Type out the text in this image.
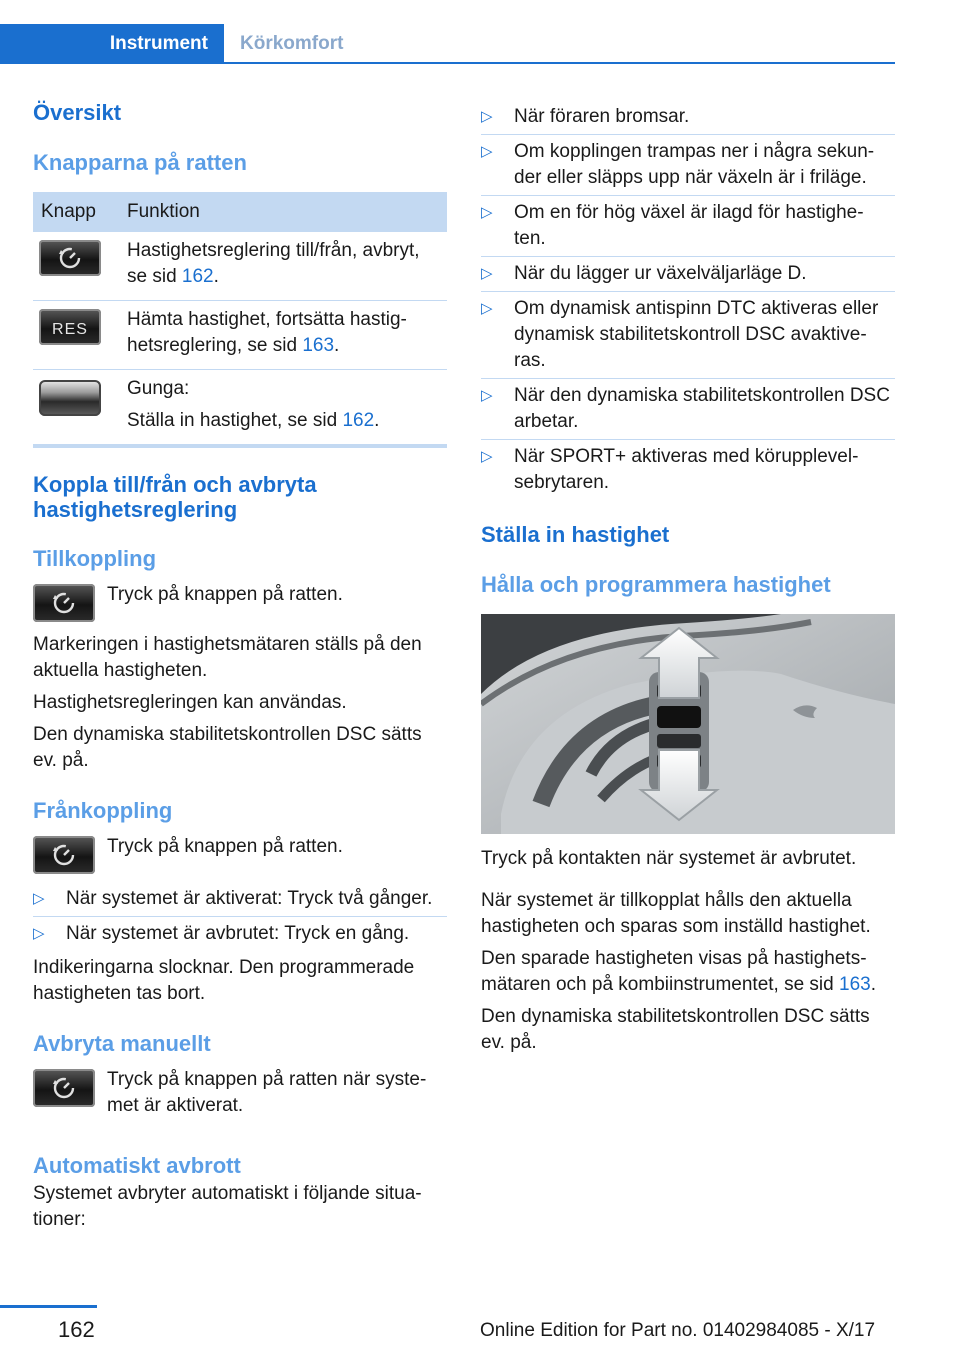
Instrument Körkomfort
Översikt
Knapparna på ratten
Knapp	Funktion

	Hastighetsreglering till/från, avbryt, se sid 162.

RES	Hämta hastighet, fortsätta hastig-hetsreglering, se sid 163.

	Gunga:
Ställa in hastighet, se sid 162.
Koppla till/från och avbryta hastighetsreglering
Tillkoppling

Tryck på knappen på ratten.

Markeringen i hastighetsmätaren ställs på den aktuella hastigheten.

Hastighetsregleringen kan användas.

Den dynamiska stabilitetskontrollen DSC sätts ev. på.

Frånkoppling

Tryck på knappen på ratten.

▷ När systemet är aktiverat: Tryck två gånger.
▷ När systemet är avbrutet: Tryck en gång.

Indikeringarna slocknar. Den programmerade hastigheten tas bort.

Avbryta manuellt

Tryck på knappen på ratten när syste-met är aktiverat.

Automatiskt avbrott

Systemet avbryter automatiskt i följande situa-tioner:

▷ När föraren bromsar.
▷ Om kopplingen trampas ner i några sekun-der eller släpps upp när växeln är i friläge.
▷ Om en för hög växel är ilagd för hastighe-ten.
▷ När du lägger ur växelväljarläge D.
▷ Om dynamisk antispinn DTC aktiveras eller dynamisk stabilitetskontroll DSC avaktive-ras.
▷ När den dynamiska stabilitetskontrollen DSC arbetar.
▷ När SPORT+ aktiveras med körupplevel-sebrytaren.
Ställa in hastighet
Hålla och programmera hastighet

Tryck på kontakten när systemet är avbrutet.

När systemet är tillkopplat hålls den aktuella hastigheten och sparas som inställd hastighet.

Den sparade hastigheten visas på hastighets-mätaren och på kombiinstrumentet, se sid 163.

Den dynamiska stabilitetskontrollen DSC sätts ev. på.

162	Online Edition for Part no. 01402984085 - X/17
